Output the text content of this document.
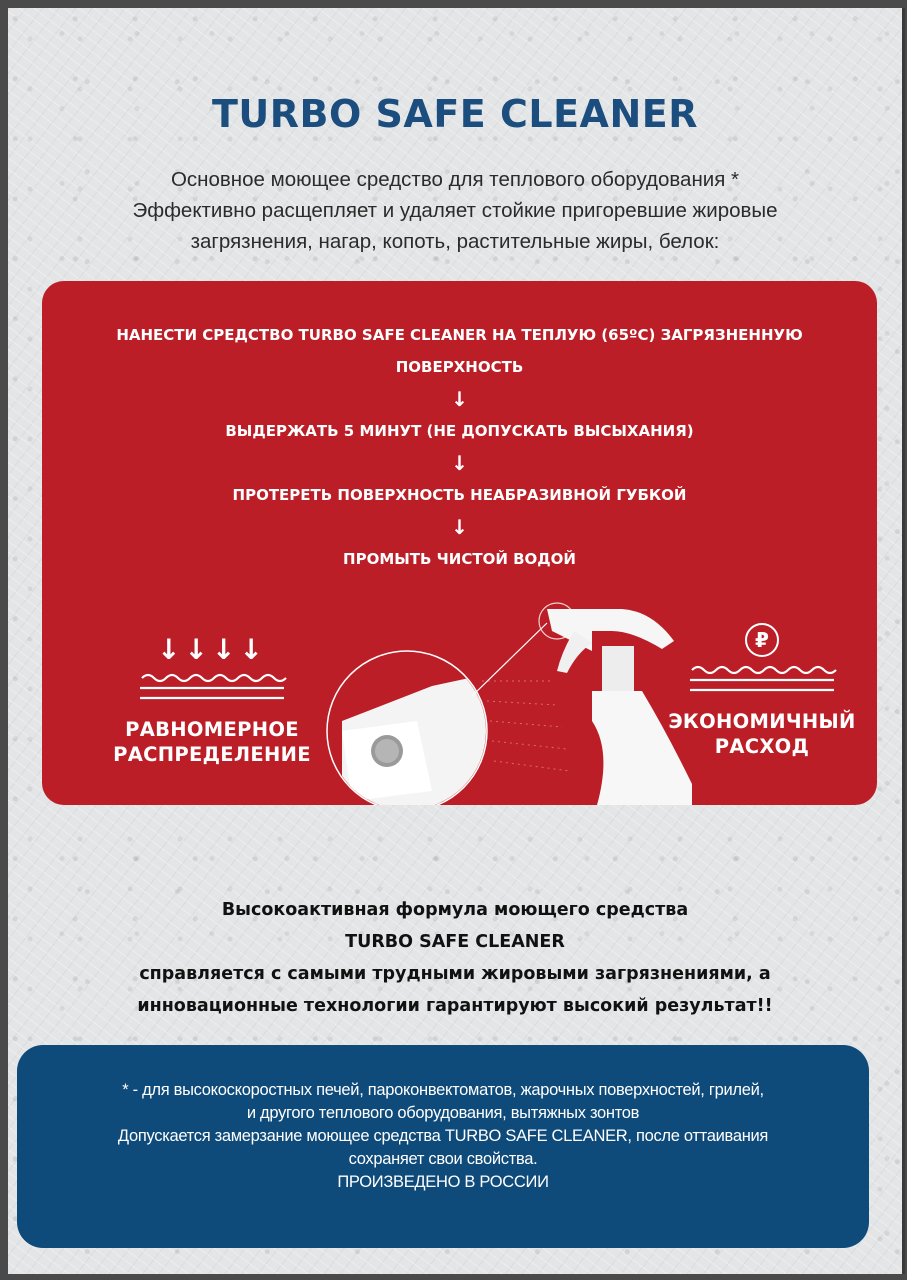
TURBO SAFE CLEANER
Основное моющее средство для теплового оборудования *
Эффективно расщепляет и удаляет стойкие пригоревшие жировые
загрязнения, нагар, копоть, растительные жиры, белок:
НАНЕСТИ СРЕДСТВО TURBO SAFE CLEANER НА ТЕПЛУЮ (65ºC) ЗАГРЯЗНЕННУЮ
ПОВЕРХНОСТЬ
↓
ВЫДЕРЖАТЬ 5 МИНУТ (НЕ ДОПУСКАТЬ ВЫСЫХАНИЯ)
↓
ПРОТЕРЕТЬ ПОВЕРХНОСТЬ НЕАБРАЗИВНОЙ ГУБКОЙ
↓
ПРОМЫТЬ ЧИСТОЙ ВОДОЙ
↓↓↓↓
РАВНОМЕРНОЕ
РАСПРЕДЕЛЕНИЕ
₽
ЭКОНОМИЧНЫЙ
РАСХОД
Высокоактивная формула моющего средства
TURBO SAFE CLEANER
справляется с самыми трудными жировыми загрязнениями, а
инновационные технологии гарантируют высокий результат!!
* - для высокоскоростных печей, пароконвектоматов, жарочных поверхностей, грилей,
и другого теплового оборудования, вытяжных зонтов
Допускается замерзание моющее средства TURBO SAFE CLEANER, после оттаивания
сохраняет свои свойства.
ПРОИЗВЕДЕНО В РОССИИ
